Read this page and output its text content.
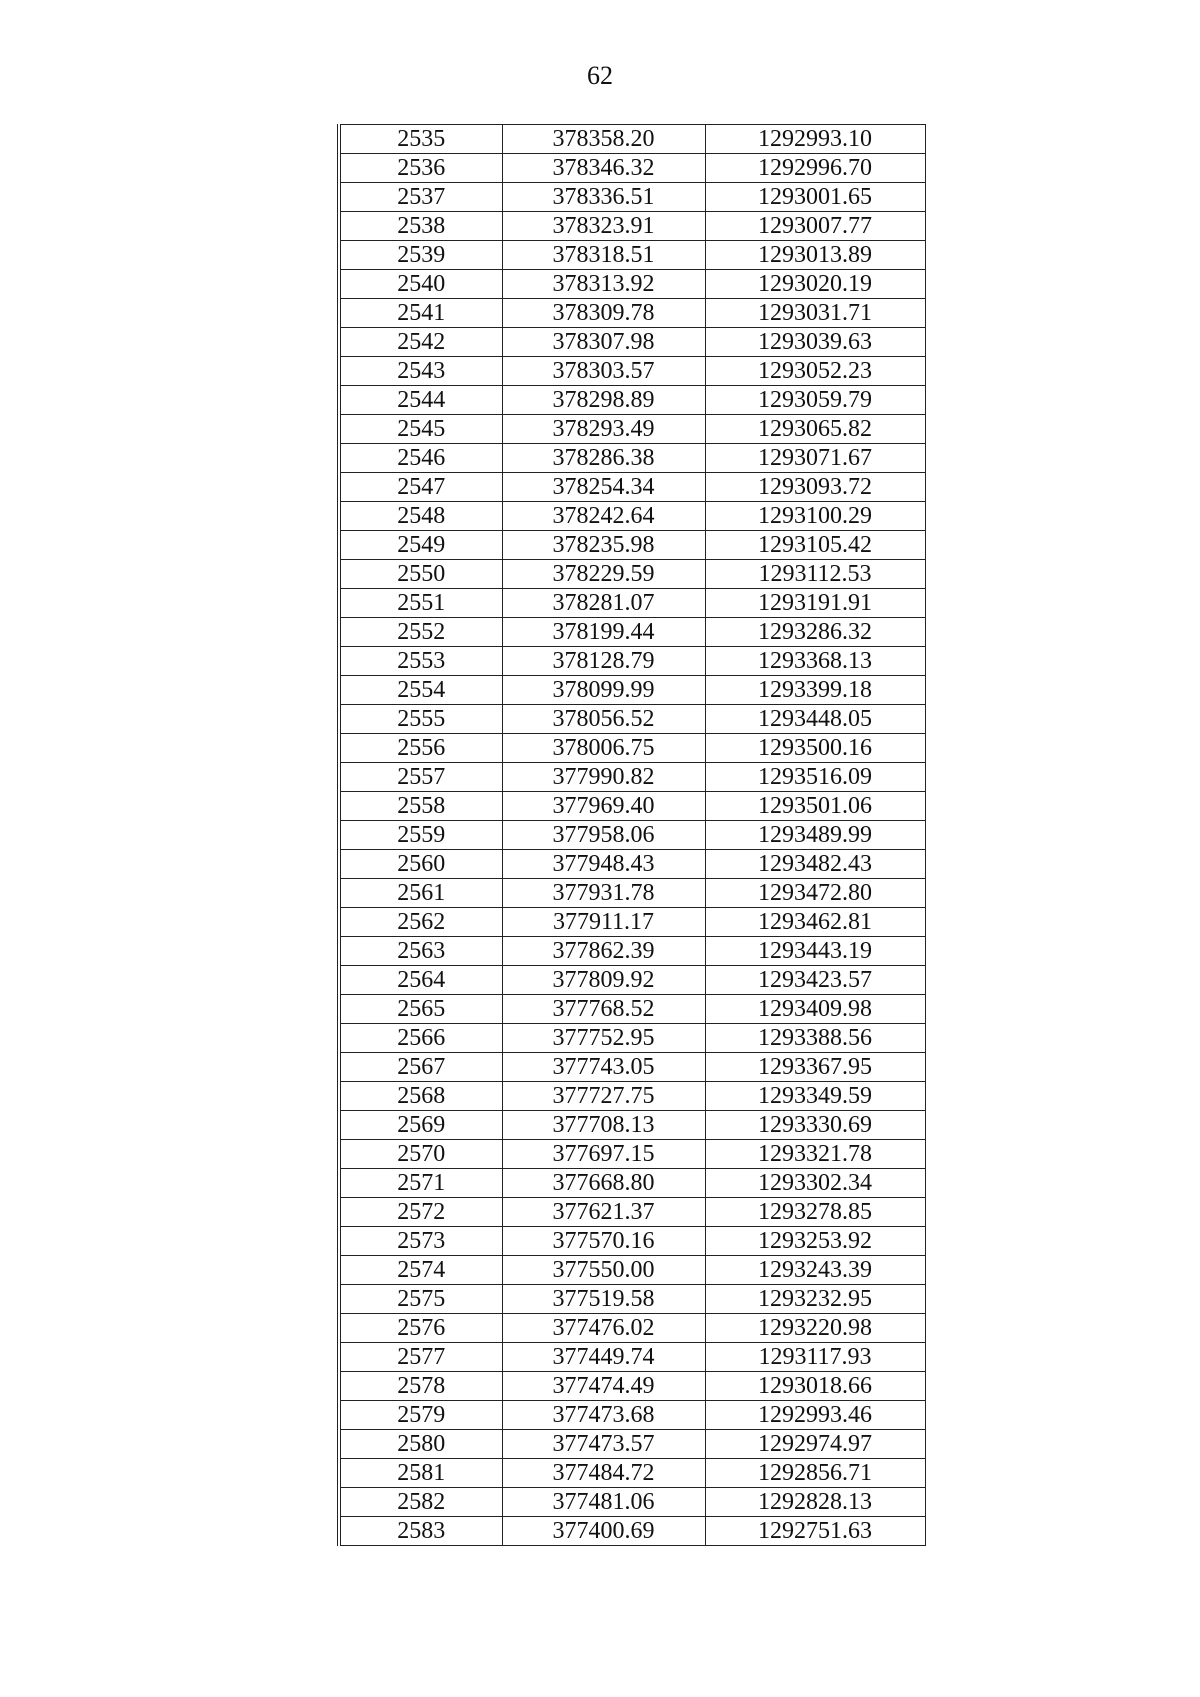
62
2535	378358.20	1292993.10
2536	378346.32	1292996.70
2537	378336.51	1293001.65
2538	378323.91	1293007.77
2539	378318.51	1293013.89
2540	378313.92	1293020.19
2541	378309.78	1293031.71
2542	378307.98	1293039.63
2543	378303.57	1293052.23
2544	378298.89	1293059.79
2545	378293.49	1293065.82
2546	378286.38	1293071.67
2547	378254.34	1293093.72
2548	378242.64	1293100.29
2549	378235.98	1293105.42
2550	378229.59	1293112.53
2551	378281.07	1293191.91
2552	378199.44	1293286.32
2553	378128.79	1293368.13
2554	378099.99	1293399.18
2555	378056.52	1293448.05
2556	378006.75	1293500.16
2557	377990.82	1293516.09
2558	377969.40	1293501.06
2559	377958.06	1293489.99
2560	377948.43	1293482.43
2561	377931.78	1293472.80
2562	377911.17	1293462.81
2563	377862.39	1293443.19
2564	377809.92	1293423.57
2565	377768.52	1293409.98
2566	377752.95	1293388.56
2567	377743.05	1293367.95
2568	377727.75	1293349.59
2569	377708.13	1293330.69
2570	377697.15	1293321.78
2571	377668.80	1293302.34
2572	377621.37	1293278.85
2573	377570.16	1293253.92
2574	377550.00	1293243.39
2575	377519.58	1293232.95
2576	377476.02	1293220.98
2577	377449.74	1293117.93
2578	377474.49	1293018.66
2579	377473.68	1292993.46
2580	377473.57	1292974.97
2581	377484.72	1292856.71
2582	377481.06	1292828.13
2583	377400.69	1292751.63
